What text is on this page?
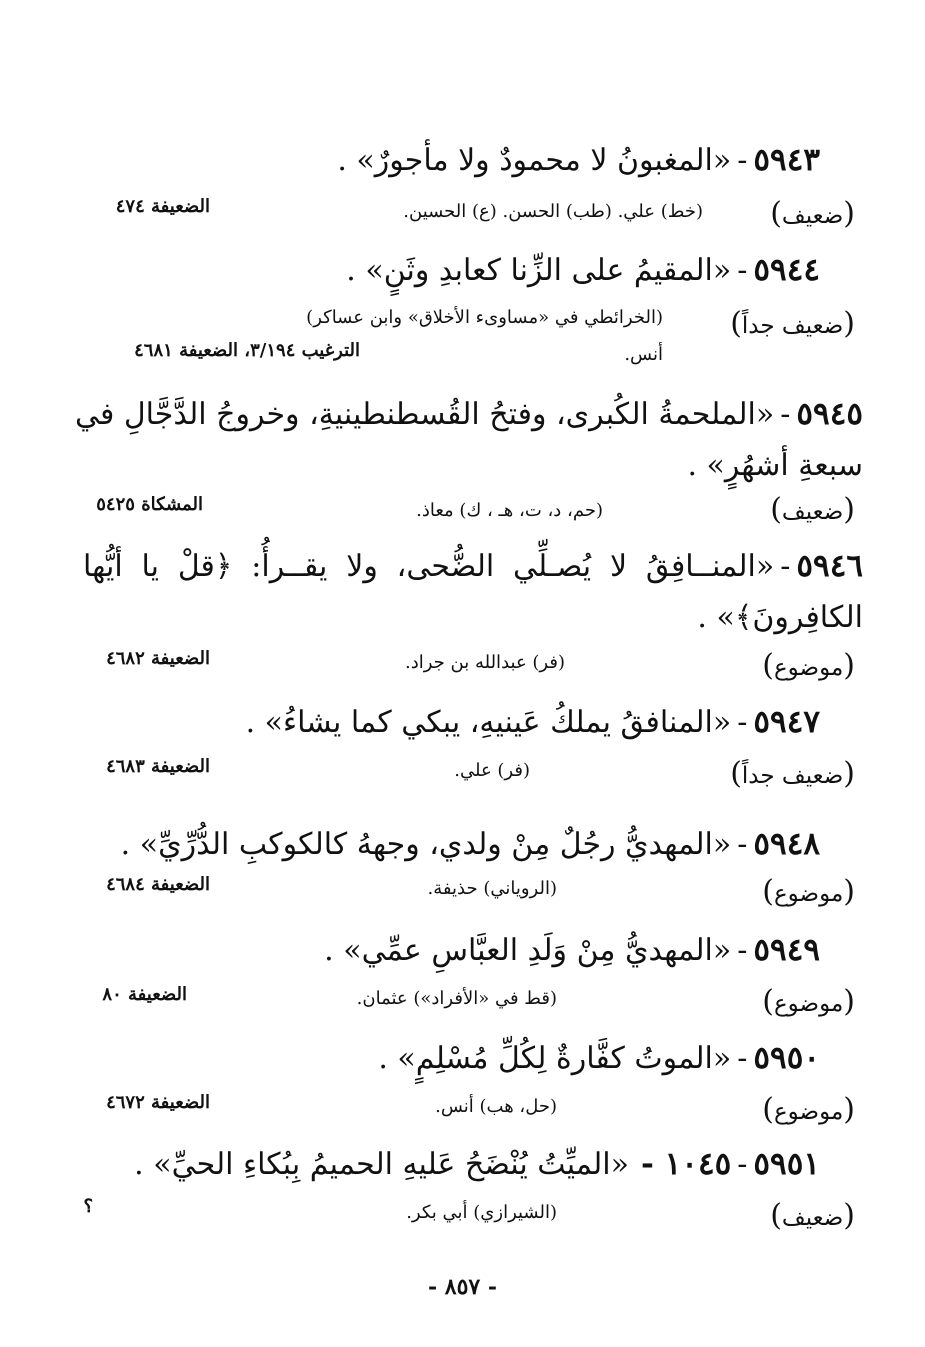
٥٩٤٣-«المغبونُ لا محمودٌ ولا مأجورٌ» .
(ضعيف)
(خط) علي. (طب) الحسن. (ع) الحسين.
الضعيفة ٤٧٤
٥٩٤٤-«المقيمُ على الزِّنا كعابدِ وثَنٍ» .
(ضعيف جداً)
(الخرائطي في «مساوىء الأخلاق» وابن عساكر)
أنس.
الترغيب ٣/١٩٤، الضعيفة ٤٦٨١
٥٩٤٥-«الملحمةُ الكُبرى، وفتحُ القُسطنطينيةِ، وخروجُ الدَّجَّالِ في
سبعةِ أشهُرٍ» .
(ضعيف)
(حم، د، ت، هـ ، ك) معاذ.
المشكاة ٥٤٢٥
٥٩٤٦-«المنــافِقُ لا يُصـلِّي الضُّحى، ولا يقــرأُ: ﴿قلْ يا أيُّها
الكافِرونَ﴾» .
(موضوع)
(فر) عبدالله بن جراد.
الضعيفة ٤٦٨٢
٥٩٤٧-«المنافقُ يملكُ عَينيهِ، يبكي كما يشاءُ» .
(ضعيف جداً)
(فر) علي.
الضعيفة ٤٦٨٣
٥٩٤٨-«المهديُّ رجُلٌ مِنْ ولدي، وجههُ كالكوكبِ الدُّرِّيِّ» .
(موضوع)
(الروياني) حذيفة.
الضعيفة ٤٦٨٤
٥٩٤٩-«المهديُّ مِنْ وَلَدِ العبَّاسِ عمِّي» .
(موضوع)
(قط في «الأفراد») عثمان.
الضعيفة ٨٠
٥٩٥٠-«الموتُ كفَّارةٌ لِكُلِّ مُسْلِمٍ» .
(موضوع)
(حل، هب) أنس.
الضعيفة ٤٦٧٢
٥٩٥١-١٠٤٥ -«الميِّتُ يُنْضَحُ عَليهِ الحميمُ بِبُكاءِ الحيِّ» .
(ضعيف)
(الشيرازي) أبي بكر.
؟
- ٨٥٧ -
